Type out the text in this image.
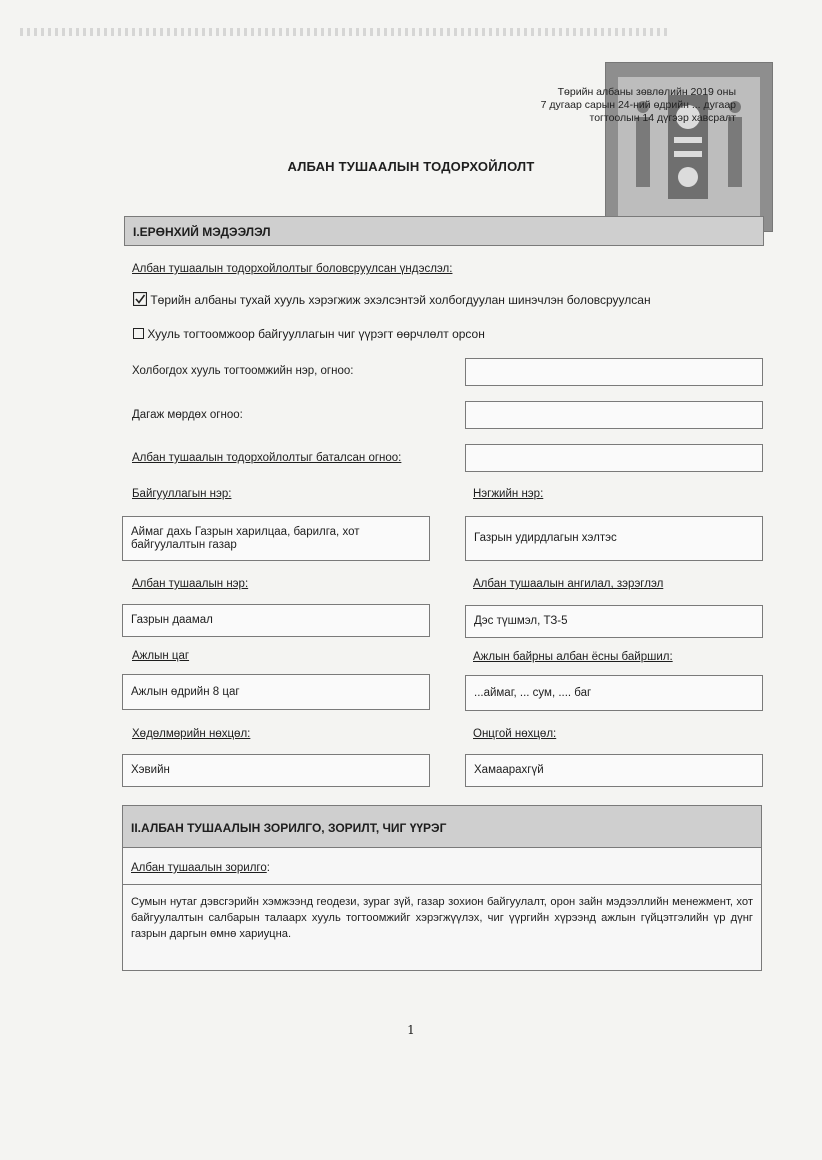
Төрийн албаны зөвлөлийн 2019 оны
7 дугаар сарын 24-ний өдрийн ... дугаар
тогтоолын 14 дүгээр хавсралт
АЛБАН ТУШААЛЫН ТОДОРХОЙЛОЛТ
I.ЕРӨНХИЙ МЭДЭЭЛЭЛ
Албан тушаалын тодорхойлолтыг боловсруулсан үндэслэл:
Төрийн албаны тухай хууль хэрэгжиж эхэлсэнтэй холбогдуулан шинэчлэн боловсруулсан
Хууль тогтоомжоор байгууллагын чиг үүрэгт өөрчлөлт орсон
Холбогдох хууль тогтоомжийн нэр, огноо:
Дагаж мөрдөх огноо:
Албан тушаалын тодорхойлолтыг баталсан огноо:
Байгууллагын нэр:	Нэгжийн нэр:
Аймаг дахь Газрын харилцаа, барилга, хот байгуулалтын газар
Газрын удирдлагын хэлтэс
Албан тушаалын нэр:	Албан тушаалын ангилал, зэрэглэл
Газрын даамал	Дэс түшмэл, ТЗ-5
Ажлын цаг	Ажлын байрны албан ёсны байршил:
Ажлын өдрийн 8 цаг	...аймаг, ... сум, .... баг
Хөдөлмөрийн нөхцөл:	Онцгой нөхцөл:
Хэвийн	Хамаарахгүй
II.АЛБАН ТУШААЛЫН ЗОРИЛГО, ЗОРИЛТ, ЧИГ ҮҮРЭГ
Албан тушаалын зорилго:
Сумын нутаг дэвсгэрийн хэмжээнд геодези, зураг зүй, газар зохион байгуулалт, орон зайн мэдээллийн менежмент, хот байгуулалтын салбарын талаарх хууль тогтоомжийг хэрэгжүүлэх, чиг үүргийн хүрээнд ажлын гүйцэтгэлийн үр дүнг газрын даргын өмнө хариуцна.
1
